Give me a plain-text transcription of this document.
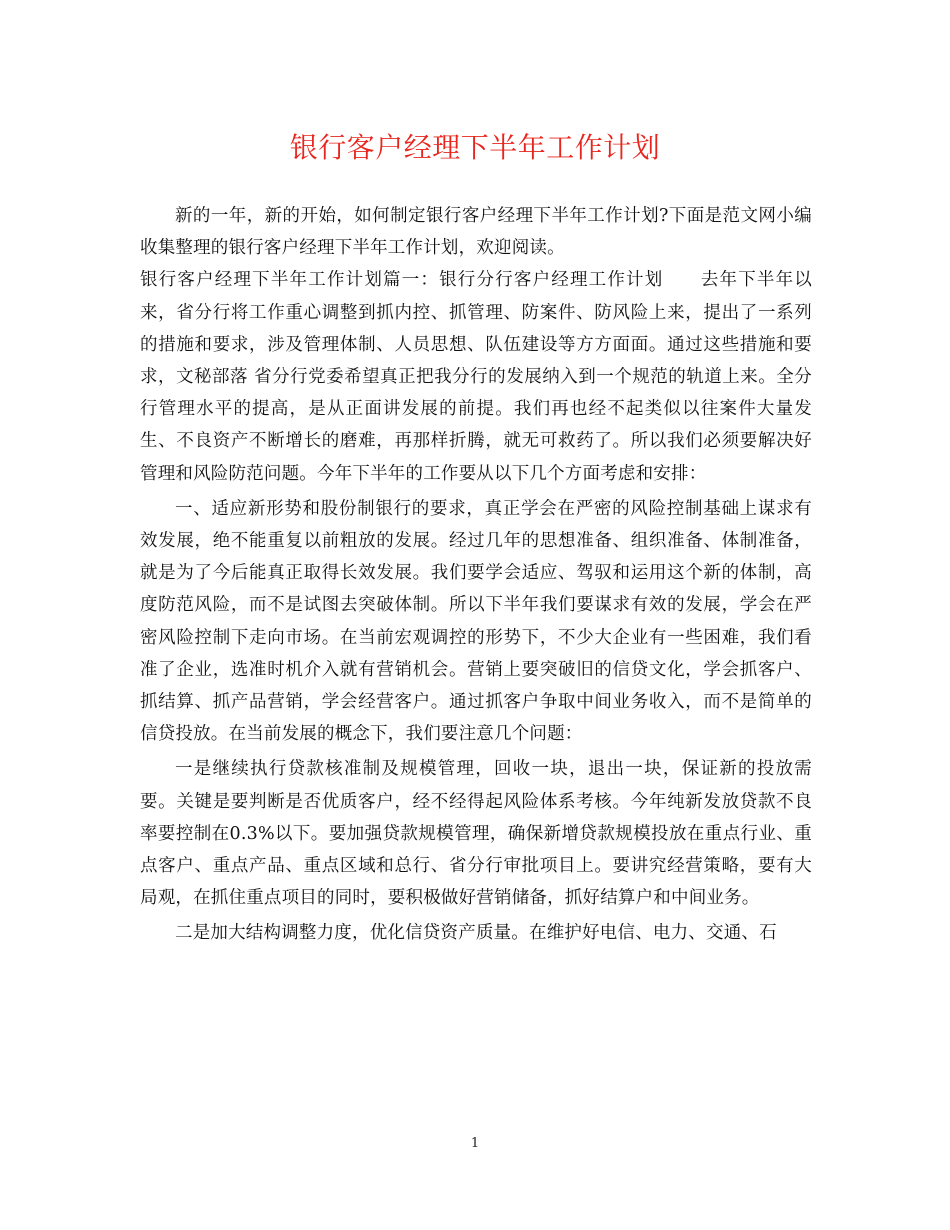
银行客户经理下半年工作计划

新的一年，新的开始，如何制定银行客户经理下半年工作计划?下面是范文网小编收集整理的银行客户经理下半年工作计划，欢迎阅读。

银行客户经理下半年工作计划篇一：银行分行客户经理工作计划　　去年下半年以来，省分行将工作重心调整到抓内控、抓管理、防案件、防风险上来，提出了一系列的措施和要求，涉及管理体制、人员思想、队伍建设等方方面面。通过这些措施和要求，文秘部落 省分行党委希望真正把我分行的发展纳入到一个规范的轨道上来。全分行管理水平的提高，是从正面讲发展的前提。我们再也经不起类似以往案件大量发生、不良资产不断增长的磨难，再那样折腾，就无可救药了。所以我们必须要解决好管理和风险防范问题。今年下半年的工作要从以下几个方面考虑和安排：

一、适应新形势和股份制银行的要求，真正学会在严密的风险控制基础上谋求有效发展，绝不能重复以前粗放的发展。经过几年的思想准备、组织准备、体制准备，就是为了今后能真正取得长效发展。我们要学会适应、驾驭和运用这个新的体制，高度防范风险，而不是试图去突破体制。所以下半年我们要谋求有效的发展，学会在严密风险控制下走向市场。在当前宏观调控的形势下，不少大企业有一些困难，我们看准了企业，选准时机介入就有营销机会。营销上要突破旧的信贷文化，学会抓客户、抓结算、抓产品营销，学会经营客户。通过抓客户争取中间业务收入，而不是简单的信贷投放。在当前发展的概念下，我们要注意几个问题：

一是继续执行贷款核准制及规模管理，回收一块，退出一块，保证新的投放需要。关键是要判断是否优质客户，经不经得起风险体系考核。今年纯新发放贷款不良率要控制在0.3%以下。要加强贷款规模管理，确保新增贷款规模投放在重点行业、重点客户、重点产品、重点区域和总行、省分行审批项目上。要讲究经营策略，要有大局观，在抓住重点项目的同时，要积极做好营销储备，抓好结算户和中间业务。

二是加大结构调整力度，优化信贷资产质量。在维护好电信、电力、交通、石

1
